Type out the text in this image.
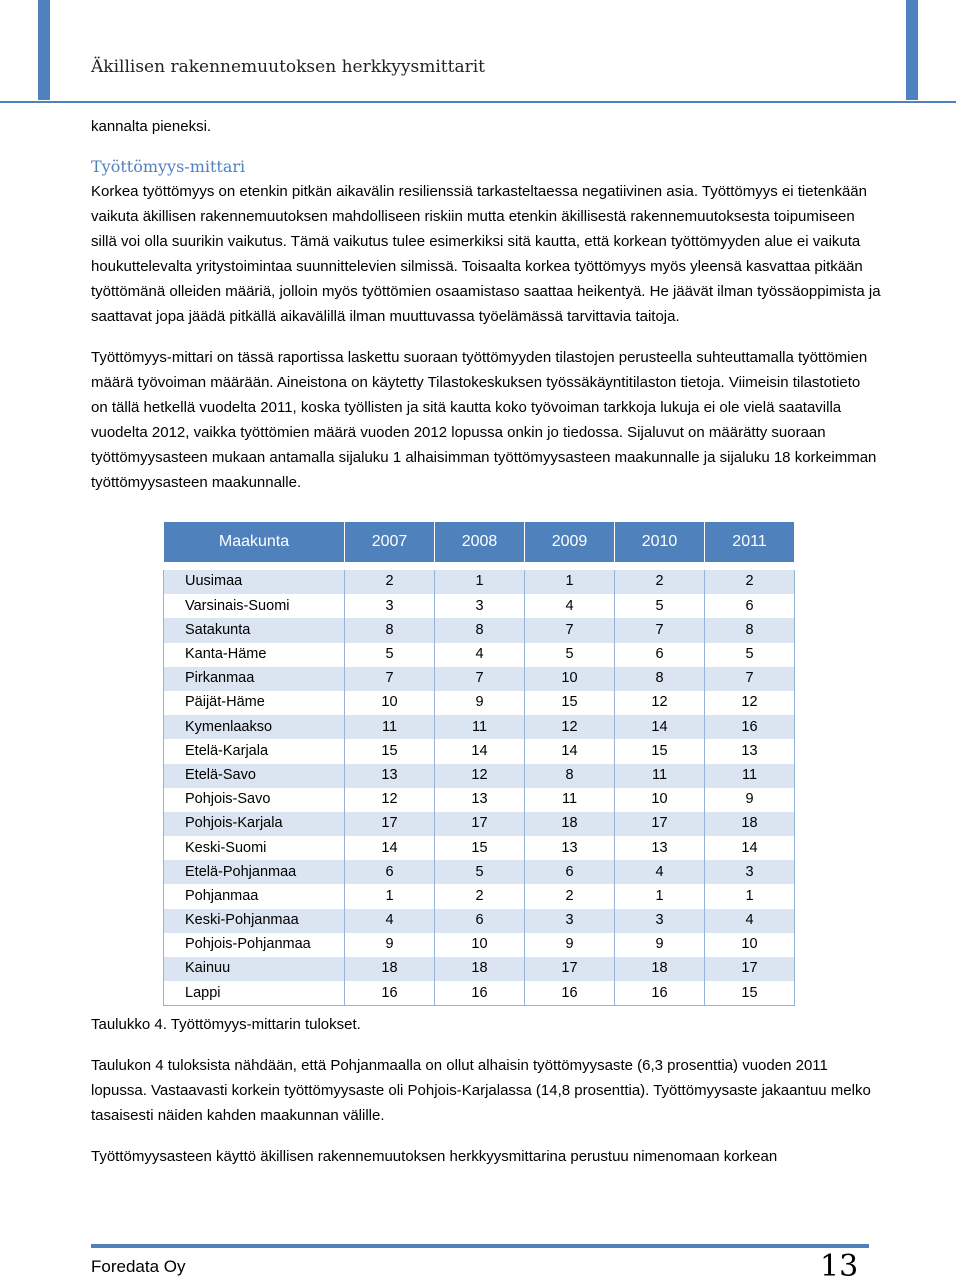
Äkillisen rakennemuutoksen herkkyysmittarit

kannalta pieneksi.

Työttömyys-mittari

Korkea työttömyys on etenkin pitkän aikavälin resilienssiä tarkasteltaessa negatiivinen asia. Työttömyys ei tietenkään vaikuta äkillisen rakennemuutoksen mahdolliseen riskiin mutta etenkin äkillisestä rakennemuutoksesta toipumiseen sillä voi olla suurikin vaikutus. Tämä vaikutus tulee esimerkiksi sitä kautta, että korkean työttömyyden alue ei vaikuta houkuttelevalta yritystoimintaa suunnittelevien silmissä. Toisaalta korkea työttömyys myös yleensä kasvattaa pitkään työttömänä olleiden määriä, jolloin myös työttömien osaamistaso saattaa heikentyä. He jäävät ilman työssäoppimista ja saattavat jopa jäädä pitkällä aikavälillä ilman muuttuvassa työelämässä tarvittavia taitoja.

Työttömyys-mittari on tässä raportissa laskettu suoraan työttömyyden tilastojen perusteella suhteuttamalla työttömien määrä työvoiman määrään. Aineistona on käytetty Tilastokeskuksen työssäkäyntitilaston tietoja. Viimeisin tilastotieto on tällä hetkellä vuodelta 2011, koska työllisten ja sitä kautta koko työvoiman tarkkoja lukuja ei ole vielä saatavilla vuodelta 2012, vaikka työttömien määrä vuoden 2012 lopussa onkin jo tiedossa. Sijaluvut on määrätty suoraan työttömyysasteen mukaan antamalla sijaluku 1 alhaisimman työttömyysasteen maakunnalle ja sijaluku 18 korkeimman työttömyysasteen maakunnalle.

Maakunta	2007	2008	2009	2010	2011
Uusimaa	2	1	1	2	2
Varsinais-Suomi	3	3	4	5	6
Satakunta	8	8	7	7	8
Kanta-Häme	5	4	5	6	5
Pirkanmaa	7	7	10	8	7
Päijät-Häme	10	9	15	12	12
Kymenlaakso	11	11	12	14	16
Etelä-Karjala	15	14	14	15	13
Etelä-Savo	13	12	8	11	11
Pohjois-Savo	12	13	11	10	9
Pohjois-Karjala	17	17	18	17	18
Keski-Suomi	14	15	13	13	14
Etelä-Pohjanmaa	6	5	6	4	3
Pohjanmaa	1	2	2	1	1
Keski-Pohjanmaa	4	6	3	3	4
Pohjois-Pohjanmaa	9	10	9	9	10
Kainuu	18	18	17	18	17
Lappi	16	16	16	16	15

Taulukko 4. Työttömyys-mittarin tulokset.

Taulukon 4 tuloksista nähdään, että Pohjanmaalla on ollut alhaisin työttömyysaste (6,3 prosenttia) vuoden 2011 lopussa. Vastaavasti korkein työttömyysaste oli Pohjois-Karjalassa (14,8 prosenttia). Työttömyysaste jakaantuu melko tasaisesti näiden kahden maakunnan välille.

Työttömyysasteen käyttö äkillisen rakennemuutoksen herkkyysmittarina perustuu nimenomaan korkean

Foredata Oy	13
